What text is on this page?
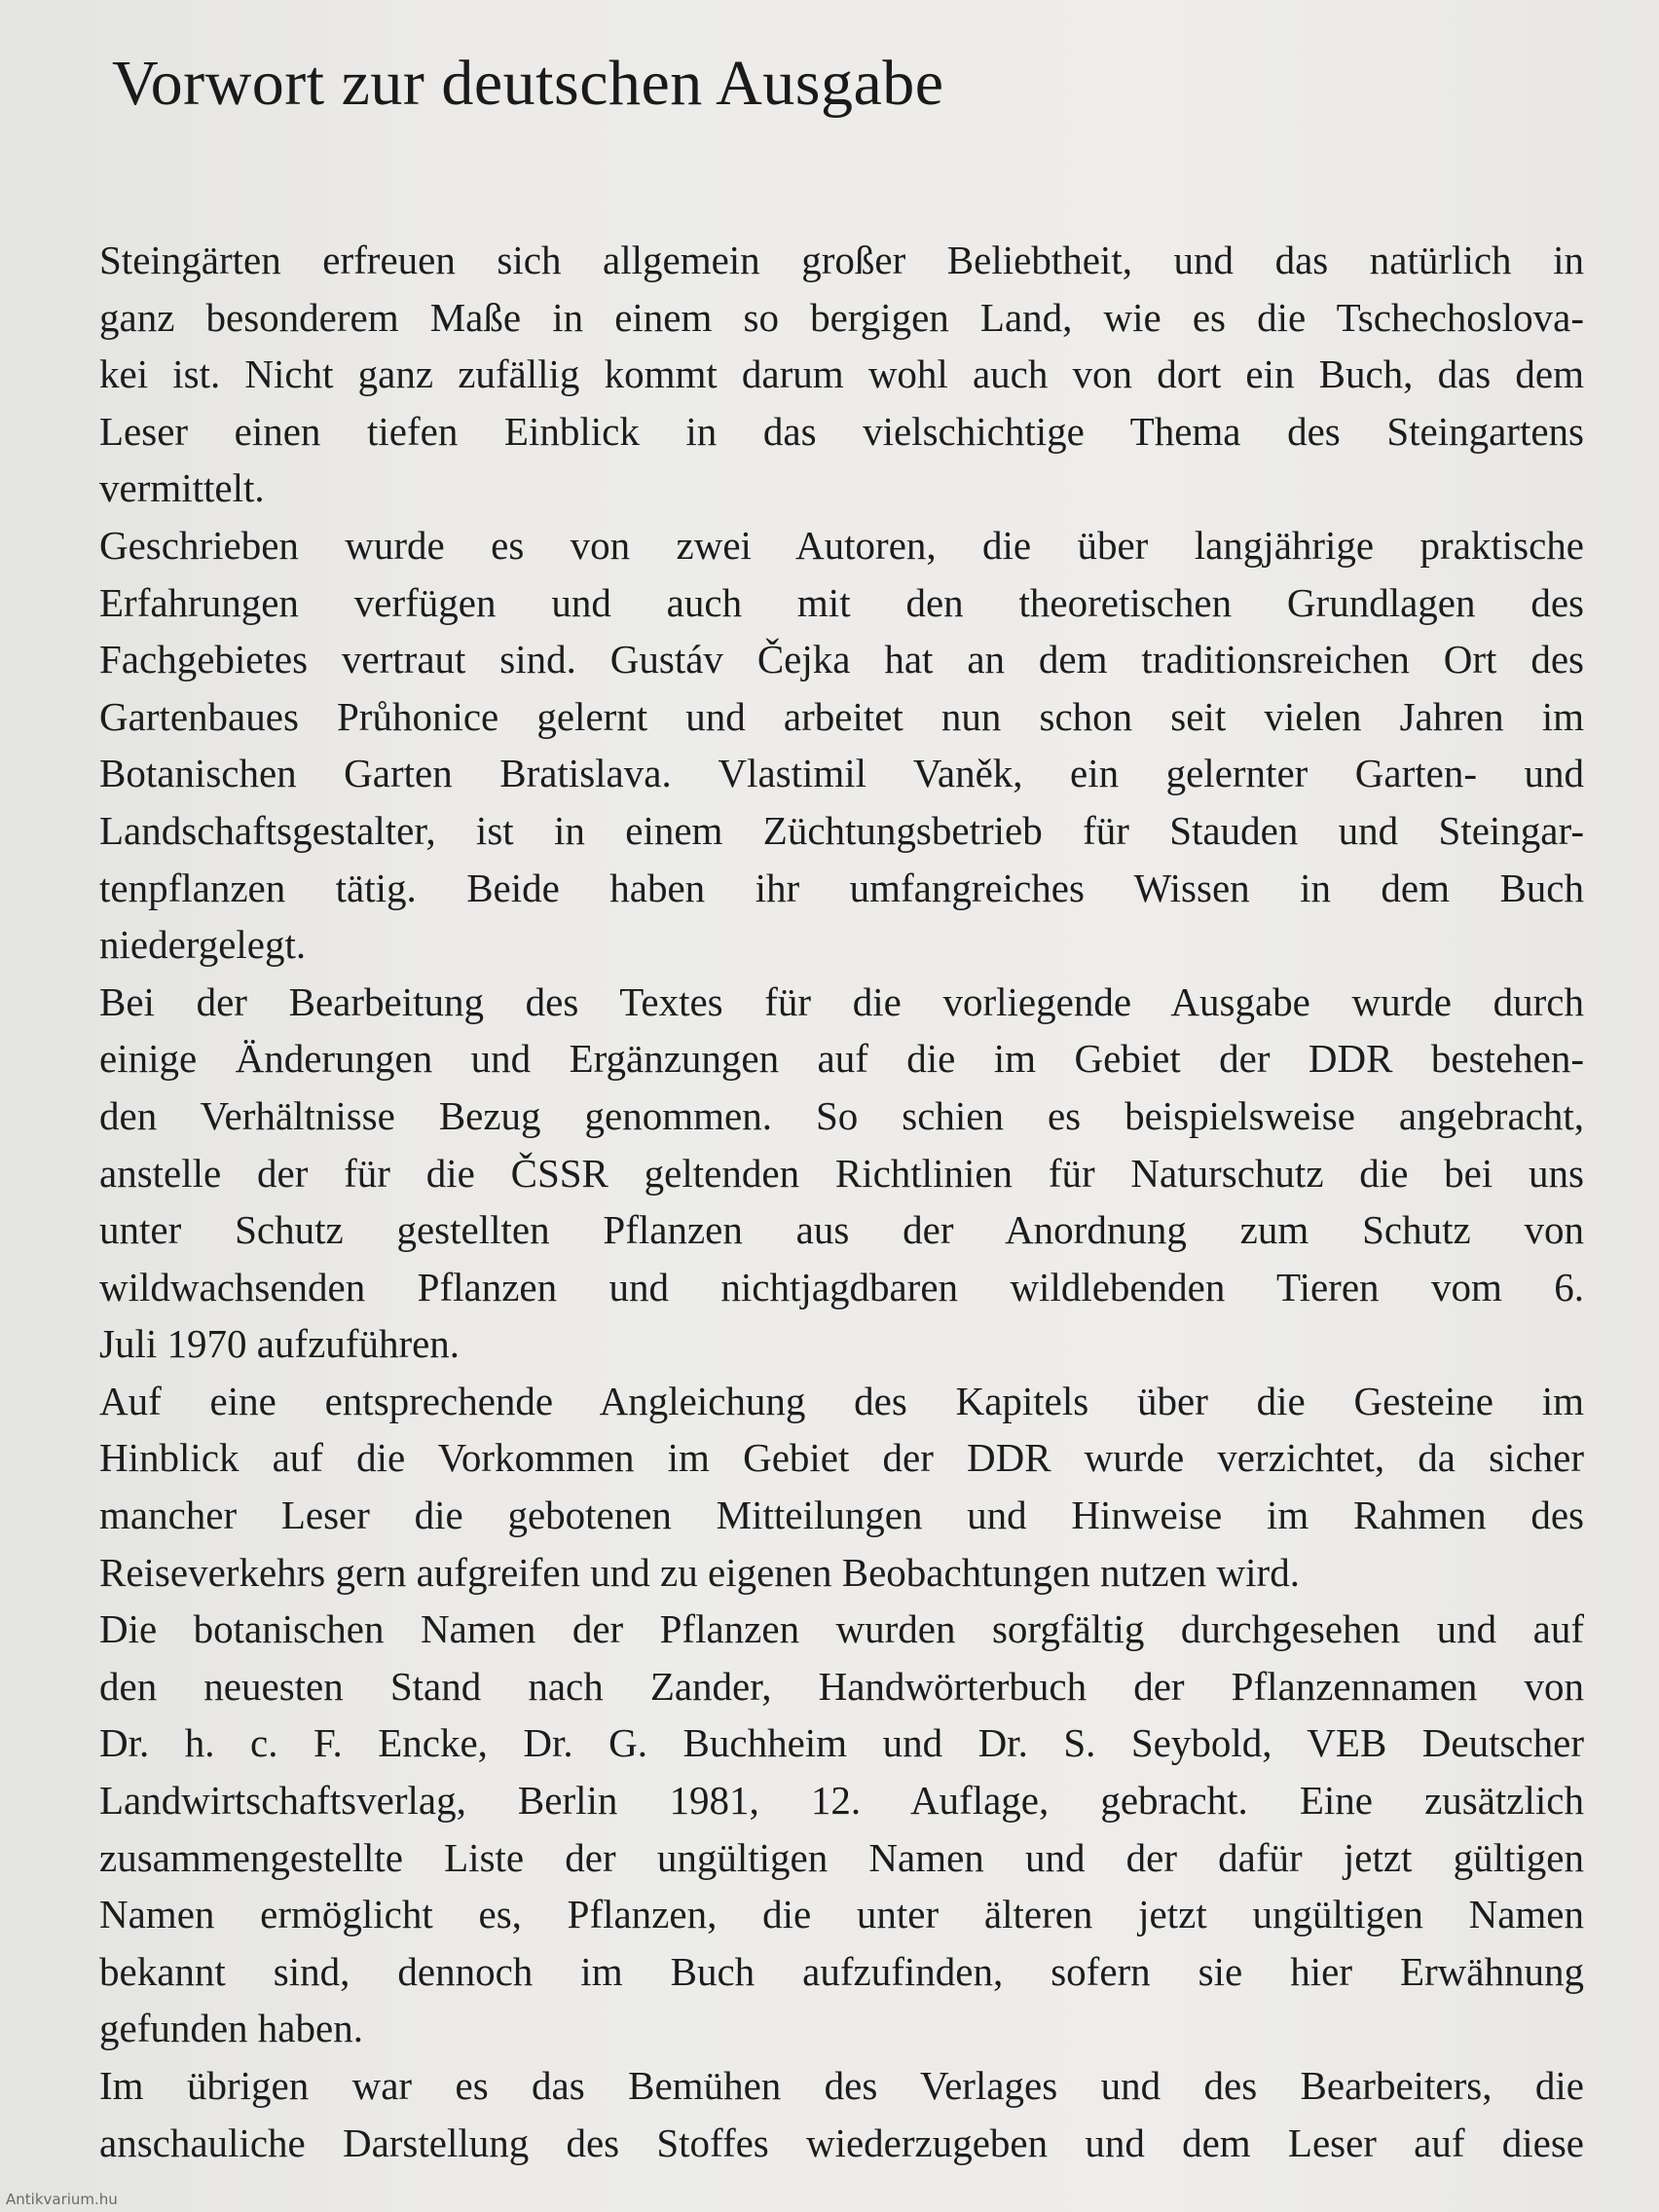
Vorwort zur deutschen Ausgabe
Steingärten erfreuen sich allgemein großer Beliebtheit, und das natürlich in
ganz besonderem Maße in einem so bergigen Land, wie es die Tschechoslova-
kei ist. Nicht ganz zufällig kommt darum wohl auch von dort ein Buch, das dem
Leser einen tiefen Einblick in das vielschichtige Thema des Steingartens
vermittelt.
Geschrieben wurde es von zwei Autoren, die über langjährige praktische
Erfahrungen verfügen und auch mit den theoretischen Grundlagen des
Fachgebietes vertraut sind. Gustáv Čejka hat an dem traditionsreichen Ort des
Gartenbaues Průhonice gelernt und arbeitet nun schon seit vielen Jahren im
Botanischen Garten Bratislava. Vlastimil Vaněk, ein gelernter Garten- und
Landschaftsgestalter, ist in einem Züchtungsbetrieb für Stauden und Steingar-
tenpflanzen tätig. Beide haben ihr umfangreiches Wissen in dem Buch
niedergelegt.
Bei der Bearbeitung des Textes für die vorliegende Ausgabe wurde durch
einige Änderungen und Ergänzungen auf die im Gebiet der DDR bestehen-
den Verhältnisse Bezug genommen. So schien es beispielsweise angebracht,
anstelle der für die ČSSR geltenden Richtlinien für Naturschutz die bei uns
unter Schutz gestellten Pflanzen aus der Anordnung zum Schutz von
wildwachsenden Pflanzen und nichtjagdbaren wildlebenden Tieren vom 6.
Juli 1970 aufzuführen.
Auf eine entsprechende Angleichung des Kapitels über die Gesteine im
Hinblick auf die Vorkommen im Gebiet der DDR wurde verzichtet, da sicher
mancher Leser die gebotenen Mitteilungen und Hinweise im Rahmen des
Reiseverkehrs gern aufgreifen und zu eigenen Beobachtungen nutzen wird.
Die botanischen Namen der Pflanzen wurden sorgfältig durchgesehen und auf
den neuesten Stand nach Zander, Handwörterbuch der Pflanzennamen von
Dr. h. c. F. Encke, Dr. G. Buchheim und Dr. S. Seybold, VEB Deutscher
Landwirtschaftsverlag, Berlin 1981, 12. Auflage, gebracht. Eine zusätzlich
zusammengestellte Liste der ungültigen Namen und der dafür jetzt gültigen
Namen ermöglicht es, Pflanzen, die unter älteren jetzt ungültigen Namen
bekannt sind, dennoch im Buch aufzufinden, sofern sie hier Erwähnung
gefunden haben.
Im übrigen war es das Bemühen des Verlages und des Bearbeiters, die
anschauliche Darstellung des Stoffes wiederzugeben und dem Leser auf diese
Antikvarium.hu
